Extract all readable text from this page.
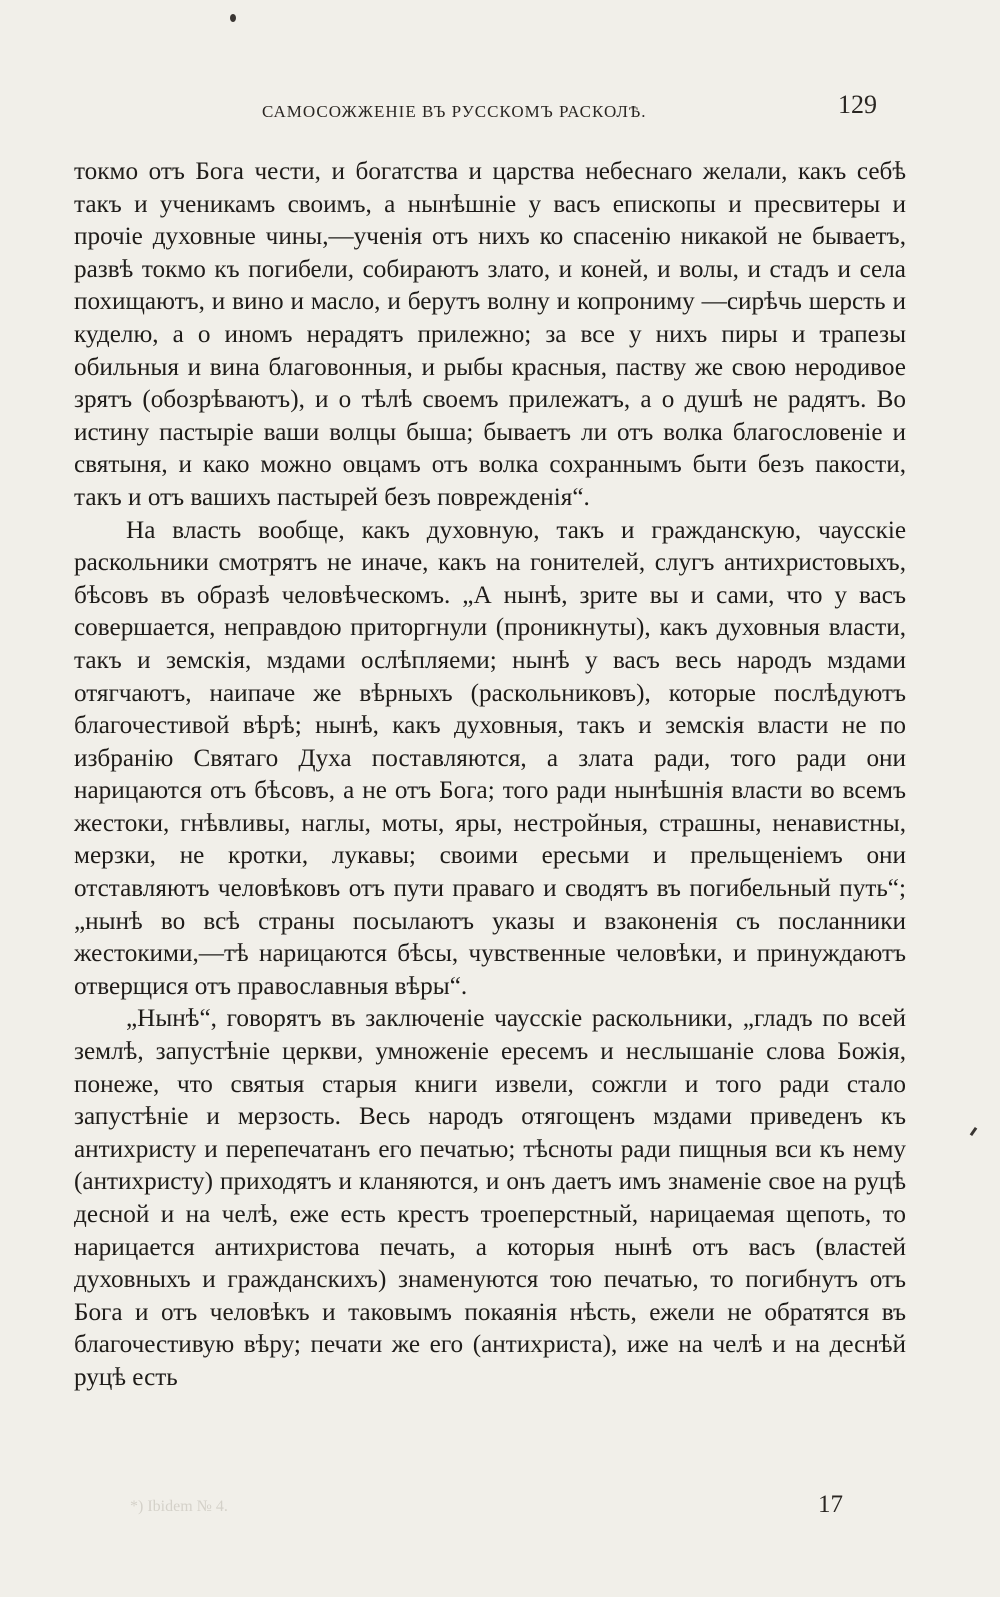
САМОСОЖЖЕНІЕ ВЪ РУССКОМЪ РАСКОЛѢ.	129

токмо отъ Бога чести, и богатства и царства небеснаго желали, какъ себѣ такъ и ученикамъ своимъ, а нынѣшніе у васъ епископы и пресвитеры и прочіе духовные чины,—ученія отъ нихъ ко спасенію никакой не бываетъ, развѣ токмо къ погибели, собираютъ злато, и коней, и волы, и стадъ и села похищаютъ, и вино и масло, и берутъ волну и копрониму —сирѣчь шерсть и куделю, а о иномъ нерадятъ прилежно; за все у нихъ пиры и трапезы обильныя и вина благовонныя, и рыбы красныя, паству же свою неродивое зрятъ (обозрѣваютъ), и о тѣлѣ своемъ прилежатъ, а о душѣ не радятъ. Во истину пастыріе ваши волцы быша; бываетъ ли отъ волка благословеніе и святыня, и како можно овцамъ отъ волка сохраннымъ быти безъ пакости, такъ и отъ вашихъ пастырей безъ поврежденія“.

На власть вообще, какъ духовную, такъ и гражданскую, чаусскіе раскольники смотрятъ не иначе, какъ на гонителей, слугъ антихристовыхъ, бѣсовъ въ образѣ человѣческомъ. „А нынѣ, зрите вы и сами, что у васъ совершается, неправдою приторгнули (проникнуты), какъ духовныя власти, такъ и земскія, мздами ослѣпляеми; нынѣ у васъ весь народъ мздами отягчаютъ, наипаче же вѣрныхъ (раскольниковъ), которые послѣдуютъ благочестивой вѣрѣ; нынѣ, какъ духовныя, такъ и земскія власти не по избранію Святаго Духа поставляются, а злата ради, того ради они нарицаются отъ бѣсовъ, а не отъ Бога; того ради нынѣшнія власти во всемъ жестоки, гнѣвливы, наглы, моты, яры, нестройныя, страшны, ненавистны, мерзки, не кротки, лукавы; своими ересьми и прельщеніемъ они отставляютъ человѣковъ отъ пути праваго и сводятъ въ погибельный путь“; „нынѣ во всѣ страны посылаютъ указы и взаконенія съ посланники жестокими,—тѣ нарицаются бѣсы, чувственные человѣки, и принуждаютъ отверщися отъ православныя вѣры“.

„Нынѣ“, говорятъ въ заключеніе чаусскіе раскольники, „гладъ по всей землѣ, запустѣніе церкви, умноженіе ересемъ и неслышаніе слова Божія, понеже, что святыя старыя книги извели, сожгли и того ради стало запустѣніе и мерзость. Весь народъ отягощенъ мздами приведенъ къ антихристу и перепечатанъ его печатью; тѣсноты ради пищныя вси къ нему (антихристу) приходятъ и кланяются, и онъ даетъ имъ знаменіе свое на руцѣ десной и на челѣ, еже есть крестъ троеперстный, нарицаемая щепоть, то нарицается антихристова печать, а которыя нынѣ отъ васъ (властей духовныхъ и гражданскихъ) знаменуются тою печатью, то погибнутъ отъ Бога и отъ человѣкъ и таковымъ покаянія нѣсть, ежели не обратятся въ благочестивую вѣру; печати же его (антихриста), иже на челѣ и на деснѣй руцѣ есть

*) Ibidem № 4.	17
